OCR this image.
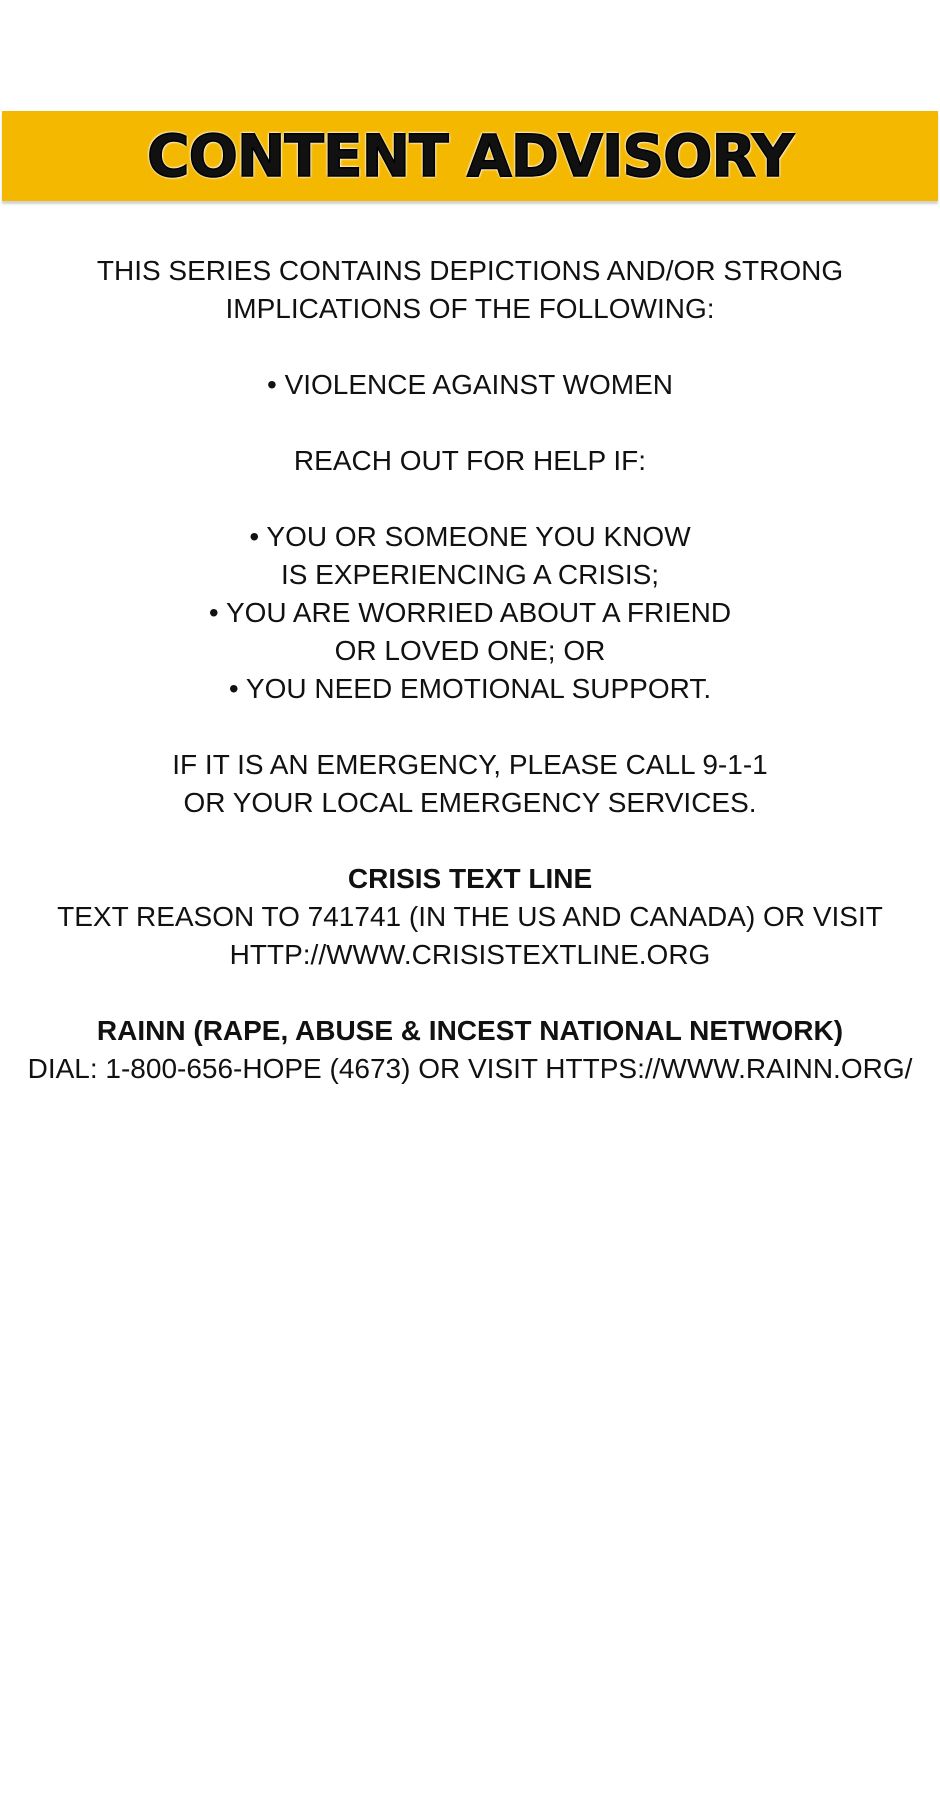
CONTENT ADVISORY
THIS SERIES CONTAINS DEPICTIONS AND/OR STRONG
IMPLICATIONS OF THE FOLLOWING:
• VIOLENCE AGAINST WOMEN
REACH OUT FOR HELP IF:
• YOU OR SOMEONE YOU KNOW
IS EXPERIENCING A CRISIS;
• YOU ARE WORRIED ABOUT A FRIEND
OR LOVED ONE; OR
• YOU NEED EMOTIONAL SUPPORT.
IF IT IS AN EMERGENCY, PLEASE CALL 9-1-1
OR YOUR LOCAL EMERGENCY SERVICES.
CRISIS TEXT LINE
TEXT REASON TO 741741 (IN THE US AND CANADA) OR VISIT
HTTP://WWW.CRISISTEXTLINE.ORG
RAINN (RAPE, ABUSE & INCEST NATIONAL NETWORK)
DIAL: 1-800-656-HOPE (4673) OR VISIT HTTPS://WWW.RAINN.ORG/
